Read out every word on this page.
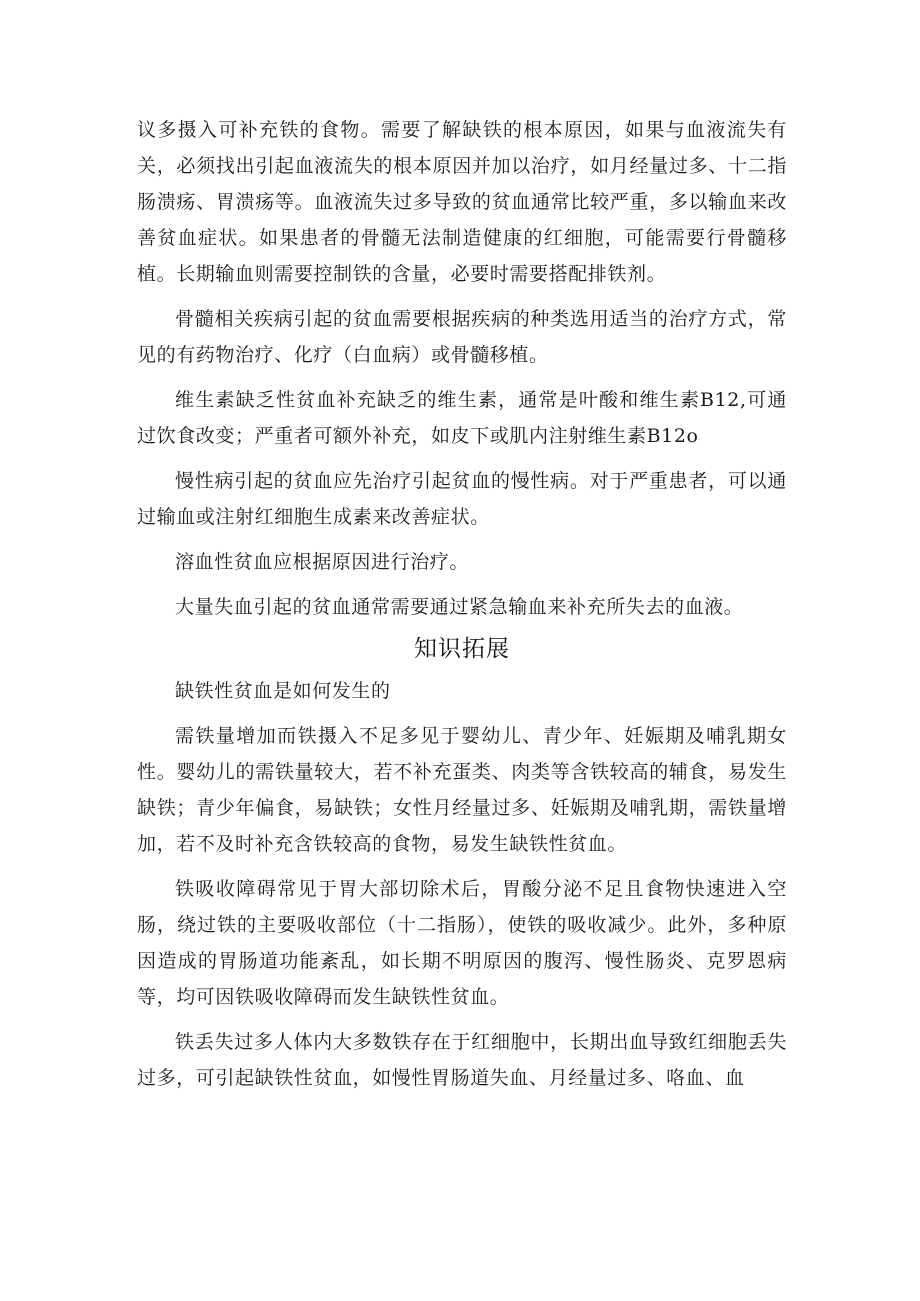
议多摄入可补充铁的食物。需要了解缺铁的根本原因，如果与血液流失有关，必须找出引起血液流失的根本原因并加以治疗，如月经量过多、十二指肠溃疡、胃溃疡等。血液流失过多导致的贫血通常比较严重，多以输血来改善贫血症状。如果患者的骨髓无法制造健康的红细胞，可能需要行骨髓移植。长期输血则需要控制铁的含量，必要时需要搭配排铁剂。

骨髓相关疾病引起的贫血需要根据疾病的种类选用适当的治疗方式，常见的有药物治疗、化疗（白血病）或骨髓移植。

维生素缺乏性贫血补充缺乏的维生素，通常是叶酸和维生素B12,可通过饮食改变；严重者可额外补充，如皮下或肌内注射维生素B12o

慢性病引起的贫血应先治疗引起贫血的慢性病。对于严重患者，可以通过输血或注射红细胞生成素来改善症状。

溶血性贫血应根据原因进行治疗。

大量失血引起的贫血通常需要通过紧急输血来补充所失去的血液。

知识拓展

缺铁性贫血是如何发生的

需铁量增加而铁摄入不足多见于婴幼儿、青少年、妊娠期及哺乳期女性。婴幼儿的需铁量较大，若不补充蛋类、肉类等含铁较高的辅食，易发生缺铁；青少年偏食，易缺铁；女性月经量过多、妊娠期及哺乳期，需铁量增加，若不及时补充含铁较高的食物，易发生缺铁性贫血。

铁吸收障碍常见于胃大部切除术后，胃酸分泌不足且食物快速进入空肠，绕过铁的主要吸收部位（十二指肠），使铁的吸收减少。此外，多种原因造成的胃肠道功能紊乱，如长期不明原因的腹泻、慢性肠炎、克罗恩病等，均可因铁吸收障碍而发生缺铁性贫血。

铁丢失过多人体内大多数铁存在于红细胞中，长期出血导致红细胞丢失过多，可引起缺铁性贫血，如慢性胃肠道失血、月经量过多、咯血、血
